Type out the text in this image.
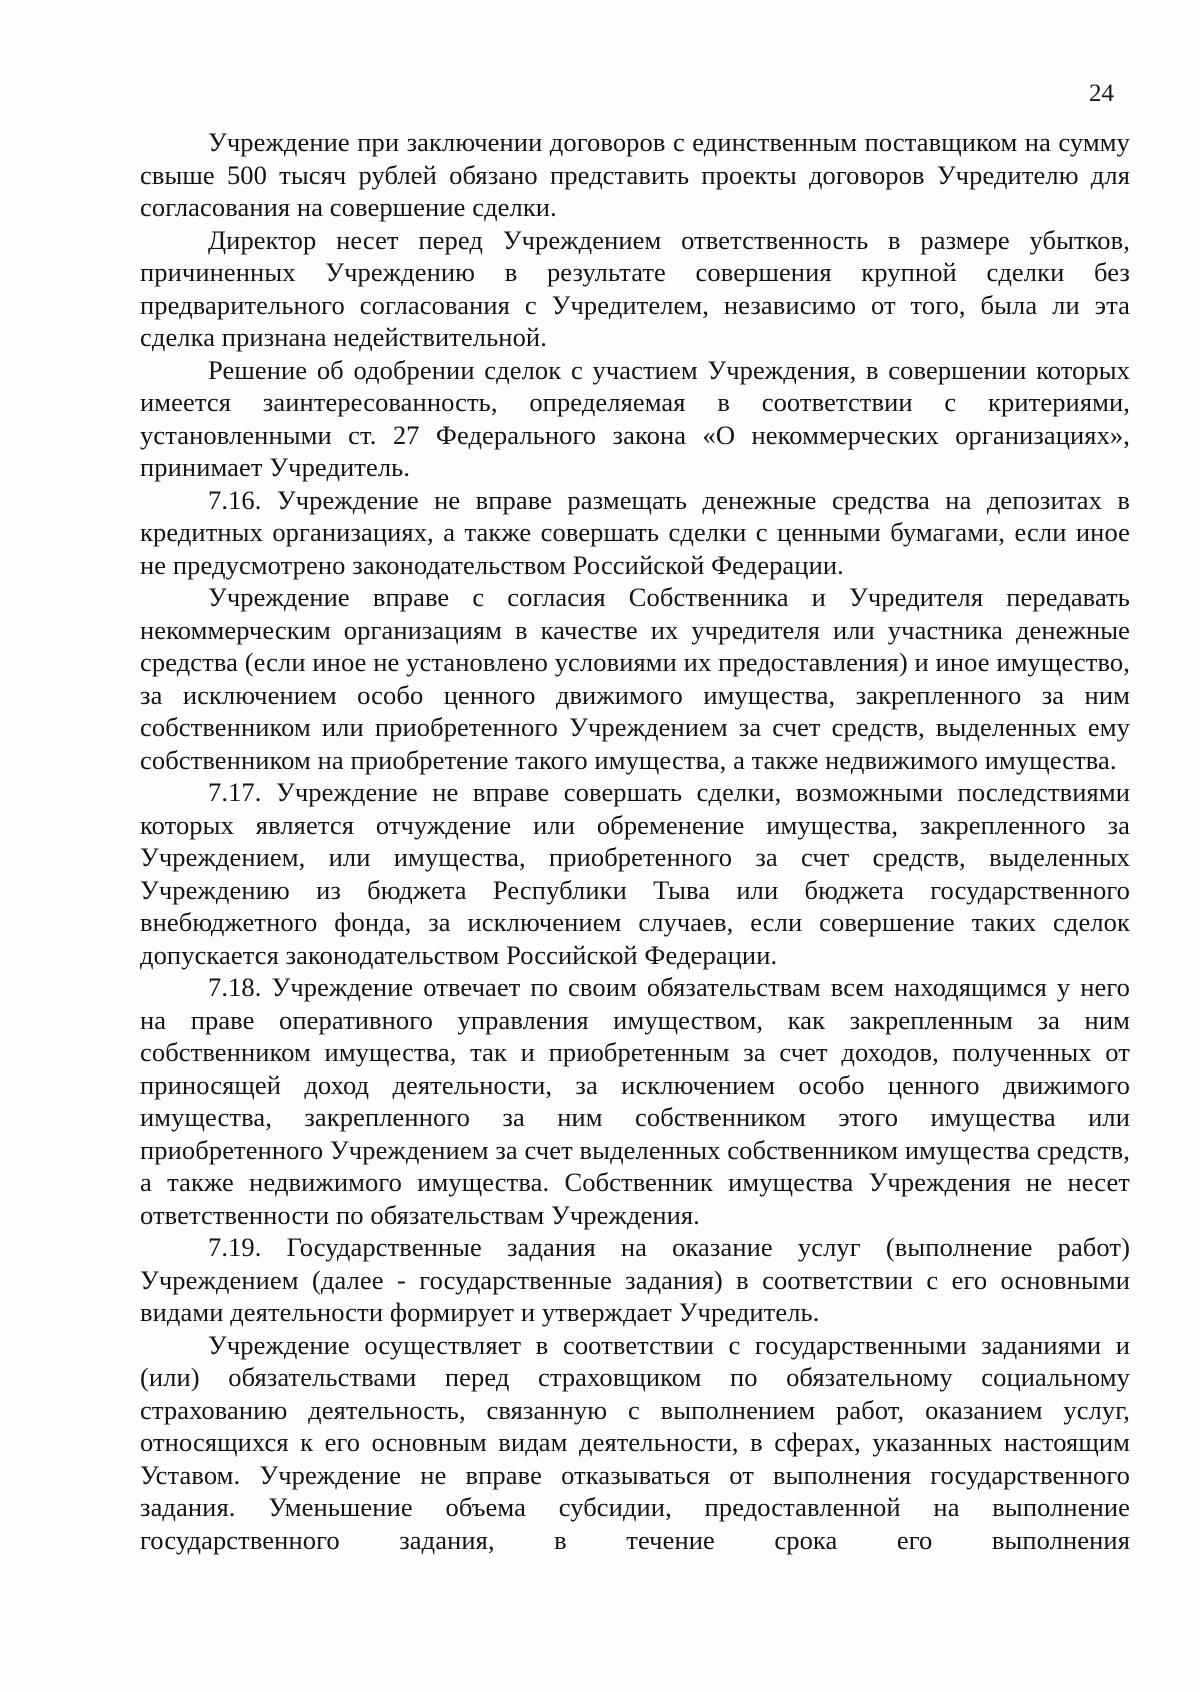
24

Учреждение при заключении договоров с единственным поставщиком на сумму свыше 500 тысяч рублей обязано представить проекты договоров Учредителю для согласования на совершение сделки.

Директор несет перед Учреждением ответственность в размере убытков, причиненных Учреждению в результате совершения крупной сделки без предварительного согласования с Учредителем, независимо от того, была ли эта сделка признана недействительной.

Решение об одобрении сделок с участием Учреждения, в совершении которых имеется заинтересованность, определяемая в соответствии с критериями, установленными ст. 27 Федерального закона «О некоммерческих организациях», принимает Учредитель.

7.16. Учреждение не вправе размещать денежные средства на депозитах в кредитных организациях, а также совершать сделки с ценными бумагами, если иное не предусмотрено законодательством Российской Федерации.

Учреждение вправе с согласия Собственника и Учредителя передавать некоммерческим организациям в качестве их учредителя или участника денежные средства (если иное не установлено условиями их предоставления) и иное имущество, за исключением особо ценного движимого имущества, закрепленного за ним собственником или приобретенного Учреждением за счет средств, выделенных ему собственником на приобретение такого имущества, а также недвижимого имущества.

7.17. Учреждение не вправе совершать сделки, возможными последствиями которых является отчуждение или обременение имущества, закрепленного за Учреждением, или имущества, приобретенного за счет средств, выделенных Учреждению из бюджета Республики Тыва или бюджета государственного внебюджетного фонда, за исключением случаев, если совершение таких сделок допускается законодательством Российской Федерации.

7.18. Учреждение отвечает по своим обязательствам всем находящимся у него на праве оперативного управления имуществом, как закрепленным за ним собственником имущества, так и приобретенным за счет доходов, полученных от приносящей доход деятельности, за исключением особо ценного движимого имущества, закрепленного за ним собственником этого имущества или приобретенного Учреждением за счет выделенных собственником имущества средств, а также недвижимого имущества. Собственник имущества Учреждения не несет ответственности по обязательствам Учреждения.

7.19. Государственные задания на оказание услуг (выполнение работ) Учреждением (далее - государственные задания) в соответствии с его основными видами деятельности формирует и утверждает Учредитель.

Учреждение осуществляет в соответствии с государственными заданиями и (или) обязательствами перед страховщиком по обязательному социальному страхованию деятельность, связанную с выполнением работ, оказанием услуг, относящихся к его основным видам деятельности, в сферах, указанных настоящим Уставом. Учреждение не вправе отказываться от выполнения государственного задания. Уменьшение объема субсидии, предоставленной на выполнение государственного задания, в течение срока его выполнения
